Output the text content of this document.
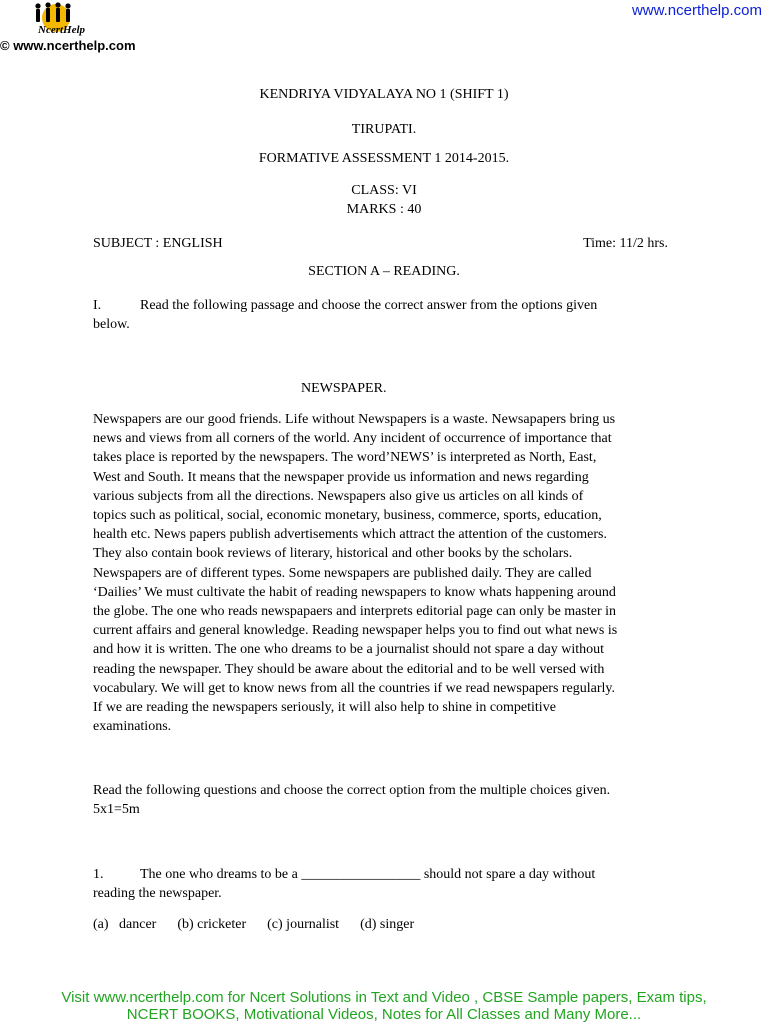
NcertHelp
© www.ncerthelp.com
www.ncerthelp.com
KENDRIYA VIDYALAYA NO 1 (SHIFT 1)
TIRUPATI.
FORMATIVE ASSESSMENT 1 2014-2015.
CLASS: VI
MARKS : 40
SUBJECT : ENGLISH	Time: 11/2 hrs.
SECTION A – READING.
I.	Read the following passage and choose the correct answer from the options given
below.
NEWSPAPER.
Newspapers are our good friends. Life without Newspapers is a waste. Newsapapers bring us
news and views from all corners of the world. Any incident of occurrence of importance that
takes place is reported by the newspapers. The word’NEWS’ is interpreted as North, East,
West and South. It means that the newspaper provide us information and news regarding
various subjects from all the directions. Newspapers also give us articles on all kinds of
topics such as political, social, economic monetary, business, commerce, sports, education,
health etc. News papers publish advertisements which attract the attention of the customers.
They also contain book reviews of literary, historical and other books by the scholars.
Newspapers are of different types. Some newspapers are published daily. They are called
‘Dailies’ We must cultivate the habit of reading newspapers to know whats happening around
the globe. The one who reads newspapaers and interprets editorial page can only be master in
current affairs and general knowledge. Reading newspaper helps you to find out what news is
and how it is written. The one who dreams to be a journalist should not spare a day without
reading the newspaper. They should be aware about the editorial and to be well versed with
vocabulary. We will get to know news from all the countries if we read newspapers regularly.
If we are reading the newspapers seriously, it will also help to shine in competitive
examinations.
Read the following questions and choose the correct option from the multiple choices given.
5x1=5m
1.	The one who dreams to be a _________________ should not spare a day without
reading the newspaper.
(a)   dancer (b) cricketer (c) journalist (d) singer
Visit www.ncerthelp.com for Ncert Solutions in Text and Video , CBSE Sample papers, Exam tips,
NCERT BOOKS, Motivational Videos, Notes for All Classes and Many More...
